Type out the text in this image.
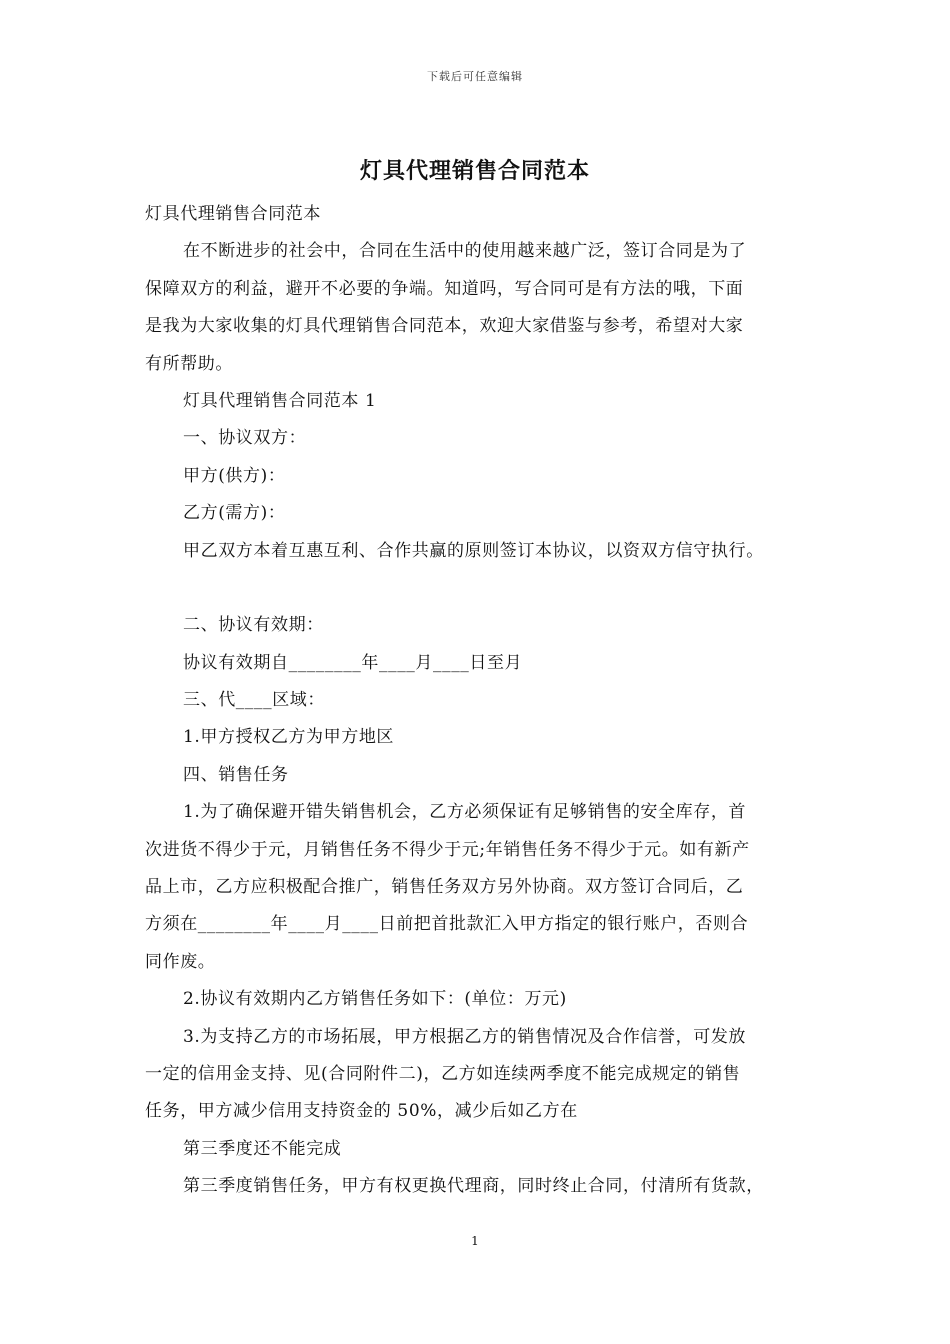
下载后可任意编辑
灯具代理销售合同范本
灯具代理销售合同范本
在不断进步的社会中，合同在生活中的使用越来越广泛，签订合同是为了
保障双方的利益，避开不必要的争端。知道吗，写合同可是有方法的哦，下面
是我为大家收集的灯具代理销售合同范本，欢迎大家借鉴与参考，希望对大家
有所帮助。
灯具代理销售合同范本 1
一、协议双方：
甲方(供方)：
乙方(需方)：
甲乙双方本着互惠互利、合作共赢的原则签订本协议，以资双方信守执行。
二、协议有效期：
协议有效期自________年____月____日至月
三、代____区域：
1.甲方授权乙方为甲方地区
四、销售任务
1.为了确保避开错失销售机会，乙方必须保证有足够销售的安全库存，首
次进货不得少于元，月销售任务不得少于元;年销售任务不得少于元。如有新产
品上市，乙方应积极配合推广，销售任务双方另外协商。双方签订合同后，乙
方须在________年____月____日前把首批款汇入甲方指定的银行账户，否则合
同作废。
2.协议有效期内乙方销售任务如下：(单位：万元)
3.为支持乙方的市场拓展，甲方根据乙方的销售情况及合作信誉，可发放
一定的信用金支持、见(合同附件二)，乙方如连续两季度不能完成规定的销售
任务，甲方减少信用支持资金的 50%，减少后如乙方在
第三季度还不能完成
第三季度销售任务，甲方有权更换代理商，同时终止合同，付清所有货款，
1
